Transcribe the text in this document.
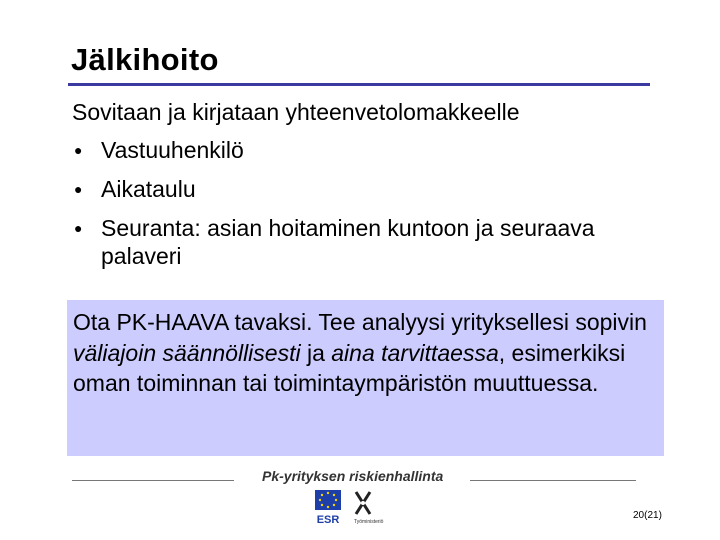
Jälkihoito
Sovitaan ja kirjataan yhteenvetolomakkeelle
● Vastuuhenkilö
● Aikataulu
● Seuranta: asian hoitaminen kuntoon ja seuraava palaveri
Ota PK-HAAVA tavaksi. Tee analyysi yrityksellesi sopivin väliajoin säännöllisesti ja aina tarvittaessa, esimerkiksi oman toiminnan tai toimintaympäristön muuttuessa.
Pk-yrityksen riskienhallinta
ESR	Työministeriö
20(21)
